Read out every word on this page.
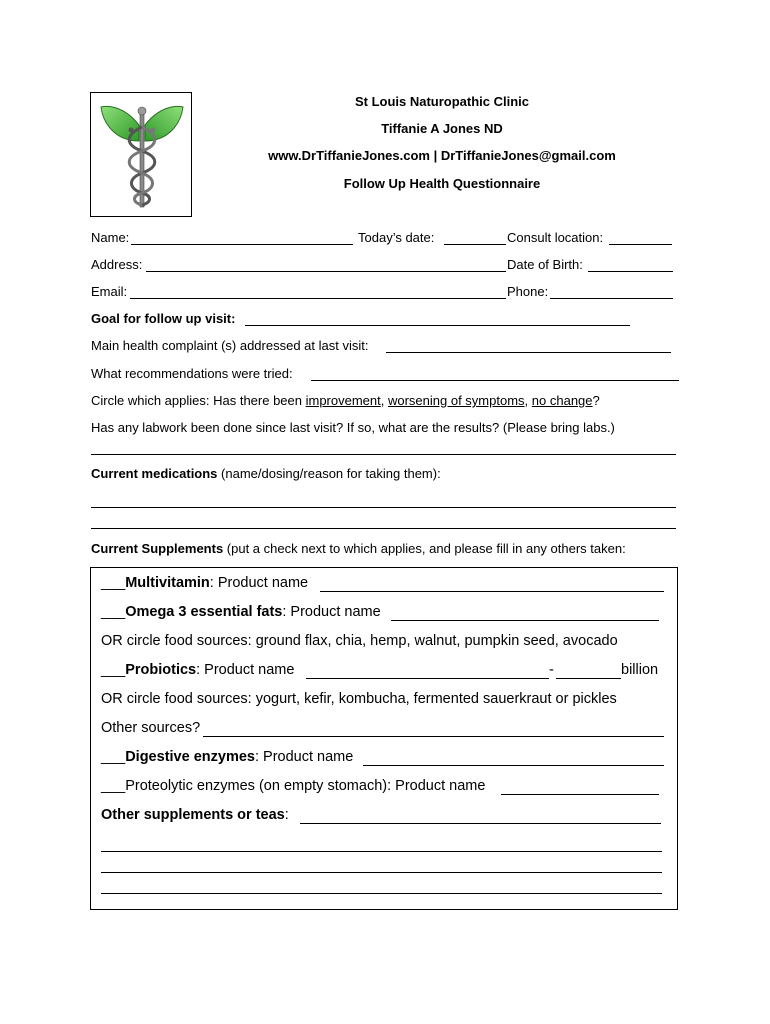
St Louis Naturopathic Clinic
Tiffanie A Jones ND
www.DrTiffanieJones.com | DrTiffanieJones@gmail.com
Follow Up Health Questionnaire
Name:	Today’s date:	Consult location:
Address:	Date of Birth:
Email:	Phone:
Goal for follow up visit:
Main health complaint (s) addressed at last visit:
What recommendations were tried:
Circle which applies: Has there been improvement, worsening of symptoms, no change?
Has any labwork been done since last visit? If so, what are the results? (Please bring labs.)
Current medications (name/dosing/reason for taking them):
Current Supplements (put a check next to which applies, and please fill in any others taken:
___Multivitamin: Product name
___Omega 3 essential fats: Product name
OR circle food sources: ground flax, chia, hemp, walnut, pumpkin seed, avocado
___Probiotics: Product name	-	billion
OR circle food sources: yogurt, kefir, kombucha, fermented sauerkraut or pickles
Other sources?
___Digestive enzymes: Product name
___Proteolytic enzymes (on empty stomach): Product name
Other supplements or teas:
